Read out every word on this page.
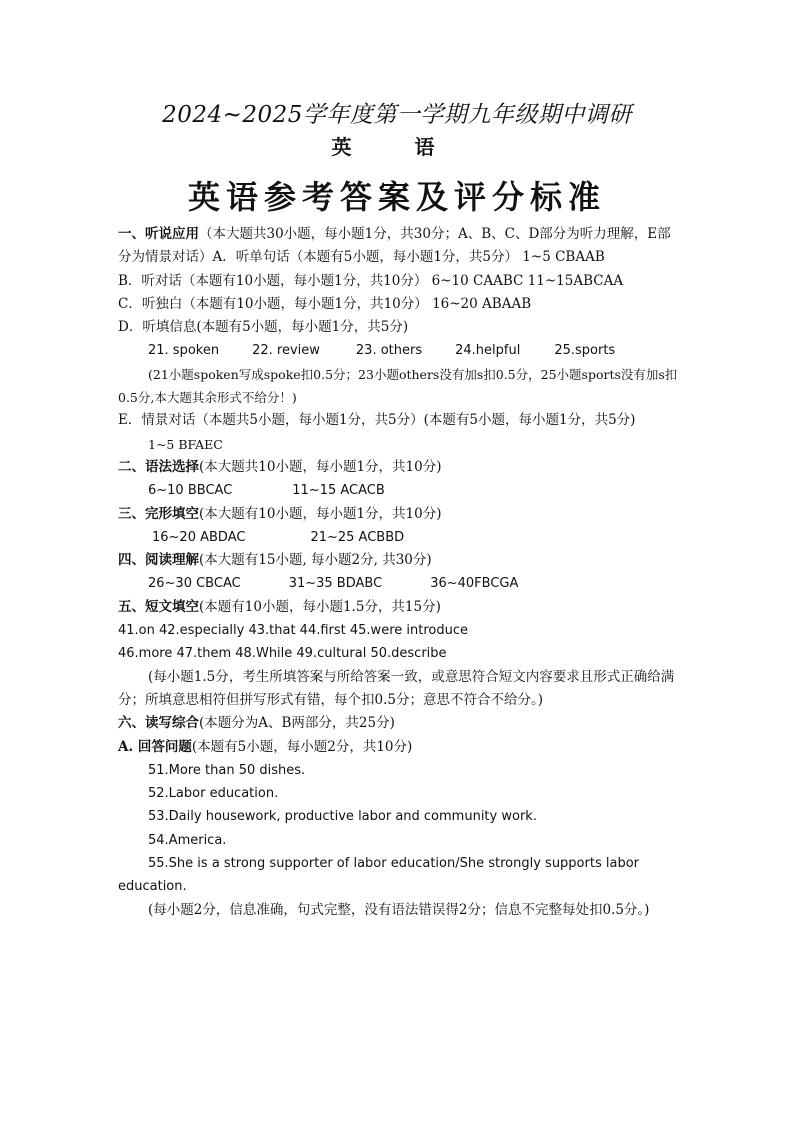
2024~2025学年度第一学期九年级期中调研
英 语
英语参考答案及评分标准
一、听说应用（本大题共30小题，每小题1分，共30分；A、B、C、D部分为听力理解，E部
分为情景对话）A．听单句话（本题有5小题，每小题1分，共5分） 1~5 CBAAB
B．听对话（本题有10小题，每小题1分，共10分） 6~10 CAABC 11~15ABCAA
C．听独白（本题有10小题，每小题1分，共10分） 16~20 ABAAB
D．听填信息(本题有5小题，每小题1分，共5分)
21. spoken	22. review	23. others	24.helpful	25.sports
(21小题spoken写成spoke扣0.5分；23小题others没有加s扣0.5分，25小题sports没有加s扣0.5分,本大题其余形式不给分！)
E．情景对话（本题共5小题，每小题1分，共5分）(本题有5小题，每小题1分，共5分)
1~5 BFAEC
二、语法选择(本大题共10小题，每小题1分，共10分)
6~10 BBCAC	11~15 ACACB
三、完形填空(本大题有10小题，每小题1分，共10分)
16~20 ABDAC	21~25 ACBBD
四、阅读理解(本大题有15小题, 每小题2分, 共30分)
26~30 CBCAC	31~35 BDABC	36~40FBCGA
五、短文填空(本题有10小题，每小题1.5分，共15分)
41.on 42.especially 43.that 44.first 45.were introduce
46.more 47.them 48.While 49.cultural 50.describe
(每小题1.5分，考生所填答案与所给答案一致，或意思符合短文内容要求且形式正确给满分；所填意思相符但拼写形式有错，每个扣0.5分；意思不符合不给分。)
六、读写综合(本题分为A、B两部分，共25分)
A. 回答问题(本题有5小题，每小题2分，共10分)
51.More than 50 dishes.
52.Labor education.
53.Daily housework, productive labor and community work.
54.America.
55.She is a strong supporter of labor education/She strongly supports labor education.
(每小题2分，信息准确，句式完整，没有语法错误得2分；信息不完整每处扣0.5分。)
